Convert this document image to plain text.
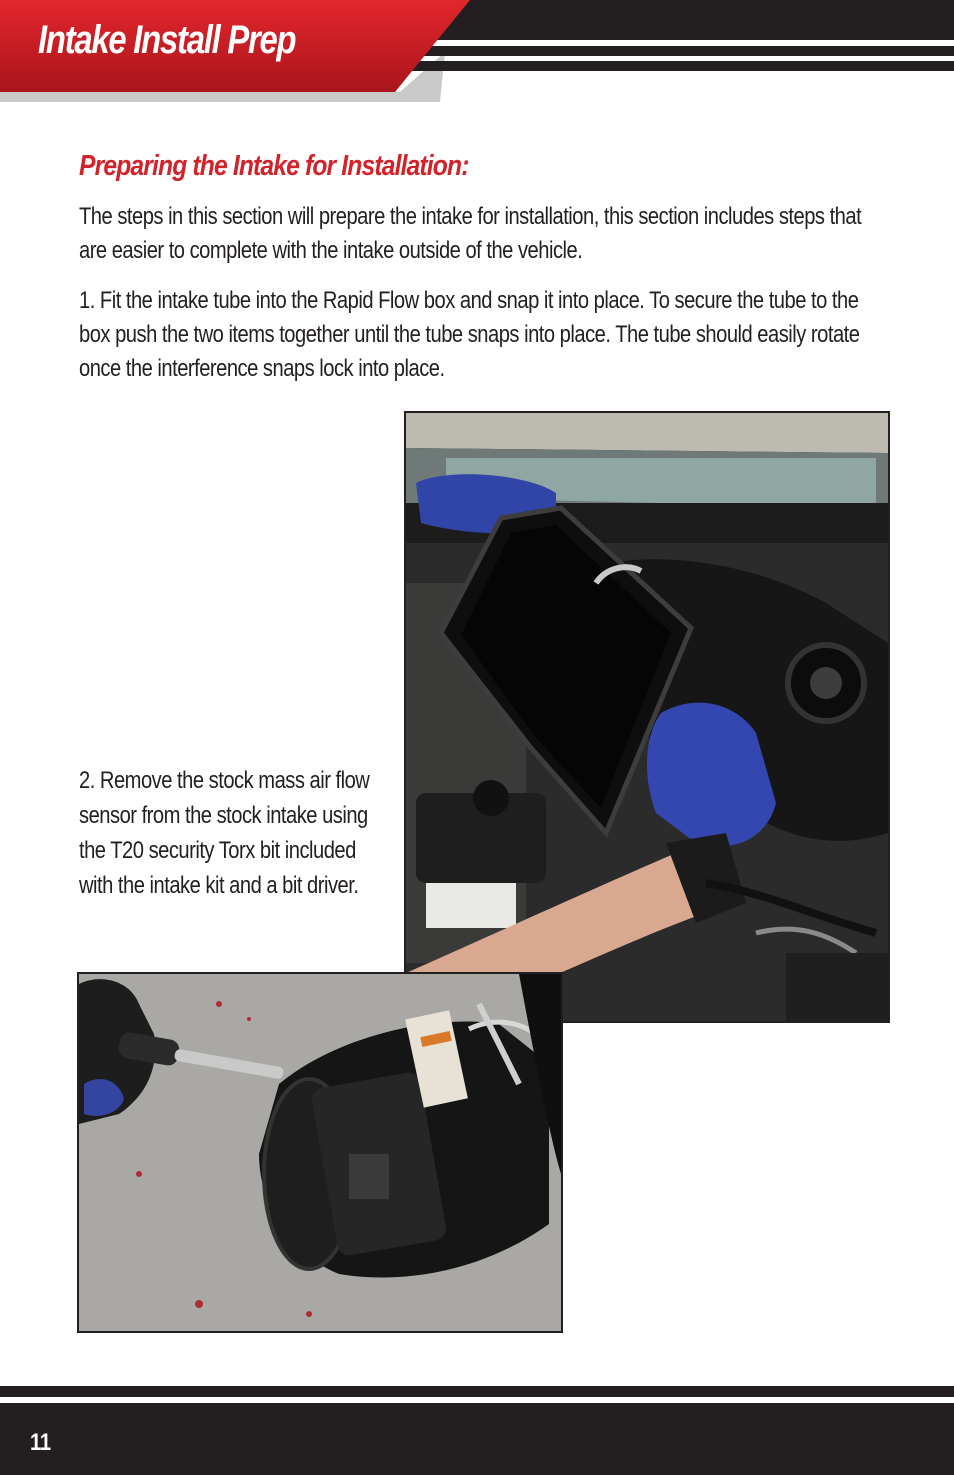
Intake Install Prep
Preparing the Intake for Installation:
The steps in this section will prepare the intake for installation, this section includes steps that are easier to complete with the intake outside of the vehicle.
1. Fit the intake tube into the Rapid Flow box and snap it into place. To secure the tube to the box push the two items together until the tube snaps into place. The tube should easily rotate once the interference snaps lock into place.
2. Remove the stock mass air flow sensor from the stock intake using the T20 security Torx bit included with the intake kit and a bit driver.
11
